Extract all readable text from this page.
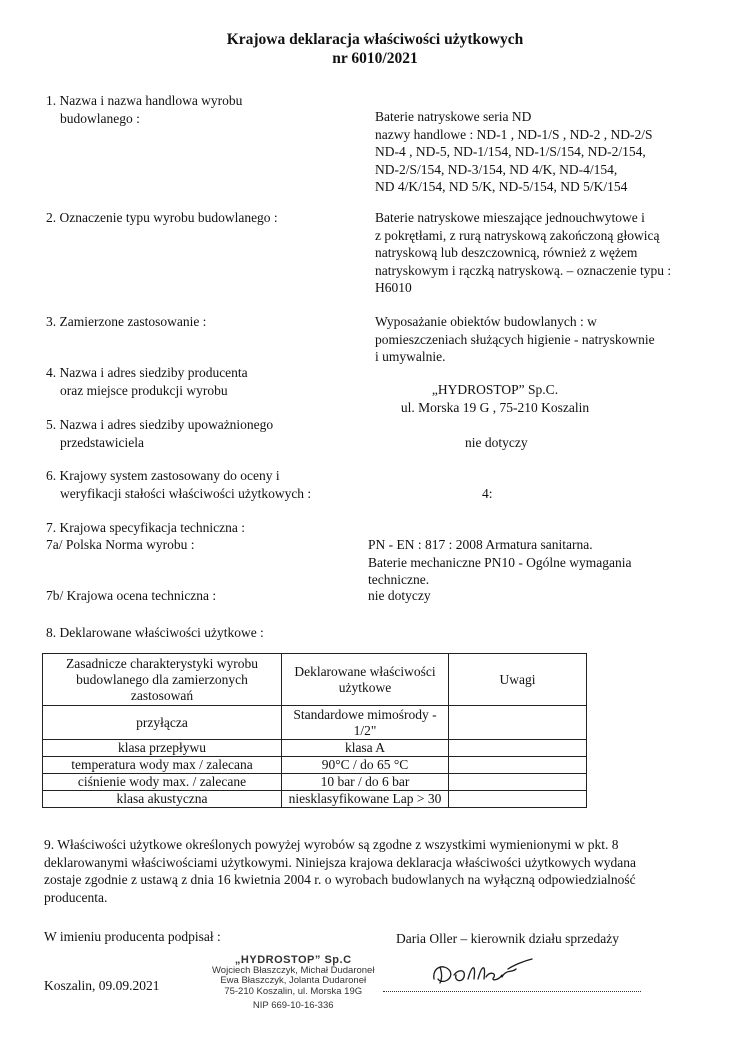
Krajowa deklaracja właściwości użytkowych
nr 6010/2021
1. Nazwa i nazwa handlowa wyrobu
budowlanego :	Baterie natryskowe seria ND
nazwy handlowe : ND-1 , ND-1/S , ND-2 , ND-2/S
ND-4 , ND-5, ND-1/154, ND-1/S/154, ND-2/154,
ND-2/S/154, ND-3/154, ND 4/K, ND-4/154,
ND 4/K/154, ND 5/K, ND-5/154, ND 5/K/154
2. Oznaczenie typu wyrobu budowlanego :	Baterie natryskowe mieszające jednouchwytowe i
z pokrętłami, z rurą natryskową zakończoną głowicą
natryskową lub deszczownicą, również z wężem
natryskowym i rączką natryskową. – oznaczenie typu :
H6010
3. Zamierzone zastosowanie :	Wyposażanie obiektów budowlanych : w
pomieszczeniach służących higienie - natryskownie
i umywalnie.
4. Nazwa i adres siedziby producenta
oraz miejsce produkcji wyrobu	„HYDROSTOP” Sp.C.
ul. Morska 19 G , 75-210 Koszalin
5. Nazwa i adres siedziby upoważnionego
przedstawiciela	nie dotyczy
6. Krajowy system zastosowany do oceny i
weryfikacji stałości właściwości użytkowych :	4:
7. Krajowa specyfikacja techniczna :
7a/ Polska Norma wyrobu :	PN - EN : 817 : 2008 Armatura sanitarna.
Baterie mechaniczne PN10 - Ogólne wymagania
techniczne.
7b/ Krajowa ocena techniczna :	nie dotyczy
8. Deklarowane właściwości użytkowe :
Zasadnicze charakterystyki wyrobu budowlanego dla zamierzonych zastosowań	Deklarowane właściwości użytkowe	Uwagi
przyłącza	Standardowe mimośrody - 1/2"	
klasa przepływu	klasa A	
temperatura wody max / zalecana	90°C / do 65 °C	
ciśnienie wody max. / zalecane	10 bar / do 6 bar	
klasa akustyczna	niesklasyfikowane Lap > 30	
9. Właściwości użytkowe określonych powyżej wyrobów są zgodne z wszystkimi wymienionymi w pkt. 8
deklarowanymi właściwościami użytkowymi. Niniejsza krajowa deklaracja właściwości użytkowych wydana
zostaje zgodnie z ustawą z dnia 16 kwietnia 2004 r. o wyrobach budowlanych na wyłączną odpowiedzialność
producenta.
W imieniu producenta podpisał :	Daria Oller – kierownik działu sprzedaży
Koszalin, 09.09.2021
„HYDROSTOP” Sp.C
Wojciech Błaszczyk, Michał Dudaroneł
Ewa Błaszczyk, Jolanta Dudaroneł
75-210 Koszalin, ul. Morska 19G
NIP 669-10-16-336
